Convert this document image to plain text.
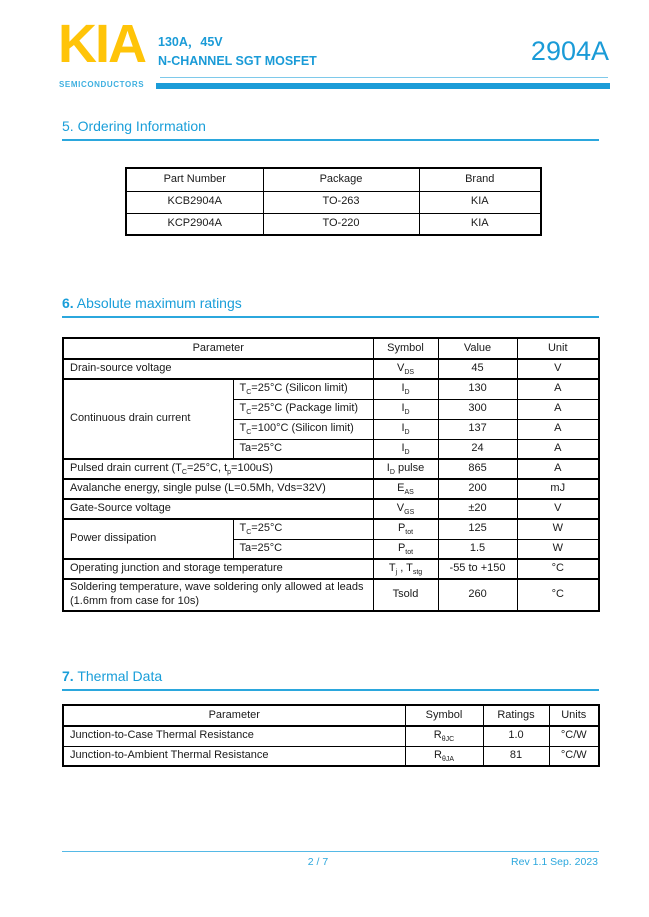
KIA
SEMICONDUCTORS
130A，45V
N-CHANNEL SGT MOSFET	2904A
5. Ordering Information
Part Number	Package	Brand
KCB2904A	TO-263	KIA
KCP2904A	TO-220	KIA
6. Absolute maximum ratings
Parameter		Symbol	Value	Unit
Drain-source voltage		$V_{DS}$	45	V
Continuous drain current	$T_C=25^\circ C$ (Silicon limit)	$I_D$	130	A
	$T_C=25^\circ C$ (Package limit)	$I_D$	300	A
	$T_C=100^\circ C$ (Silicon limit)	$I_D$	137	A
	Ta=25°C	$I_D$	24	A
Pulsed drain current ($T_C=25^\circ C$, $t_p=100uS$)		$I_D$ pulse	865	A
Avalanche energy, single pulse (L=0.5Mh, Vds=32V)		$E_{AS}$	200	mJ
Gate-Source voltage		$V_{GS}$	±20	V
Power dissipation	$T_C=25^\circ C$	$P_{tot}$	125	W
	Ta=25°C	$P_{tot}$	1.5	W
Operating junction and storage temperature		$T_j$ , $T_{stg}$	-55 to +150	°C
Soldering temperature, wave soldering only allowed at leads (1.6mm from case for 10s)		Tsold	260	°C
7. Thermal Data
Parameter	Symbol	Ratings	Units
Junction-to-Case Thermal Resistance	$R_{\theta JC}$	1.0	°C/W
Junction-to-Ambient Thermal Resistance	$R_{\theta JA}$	81	°C/W
2 / 7	Rev 1.1 Sep. 2023
